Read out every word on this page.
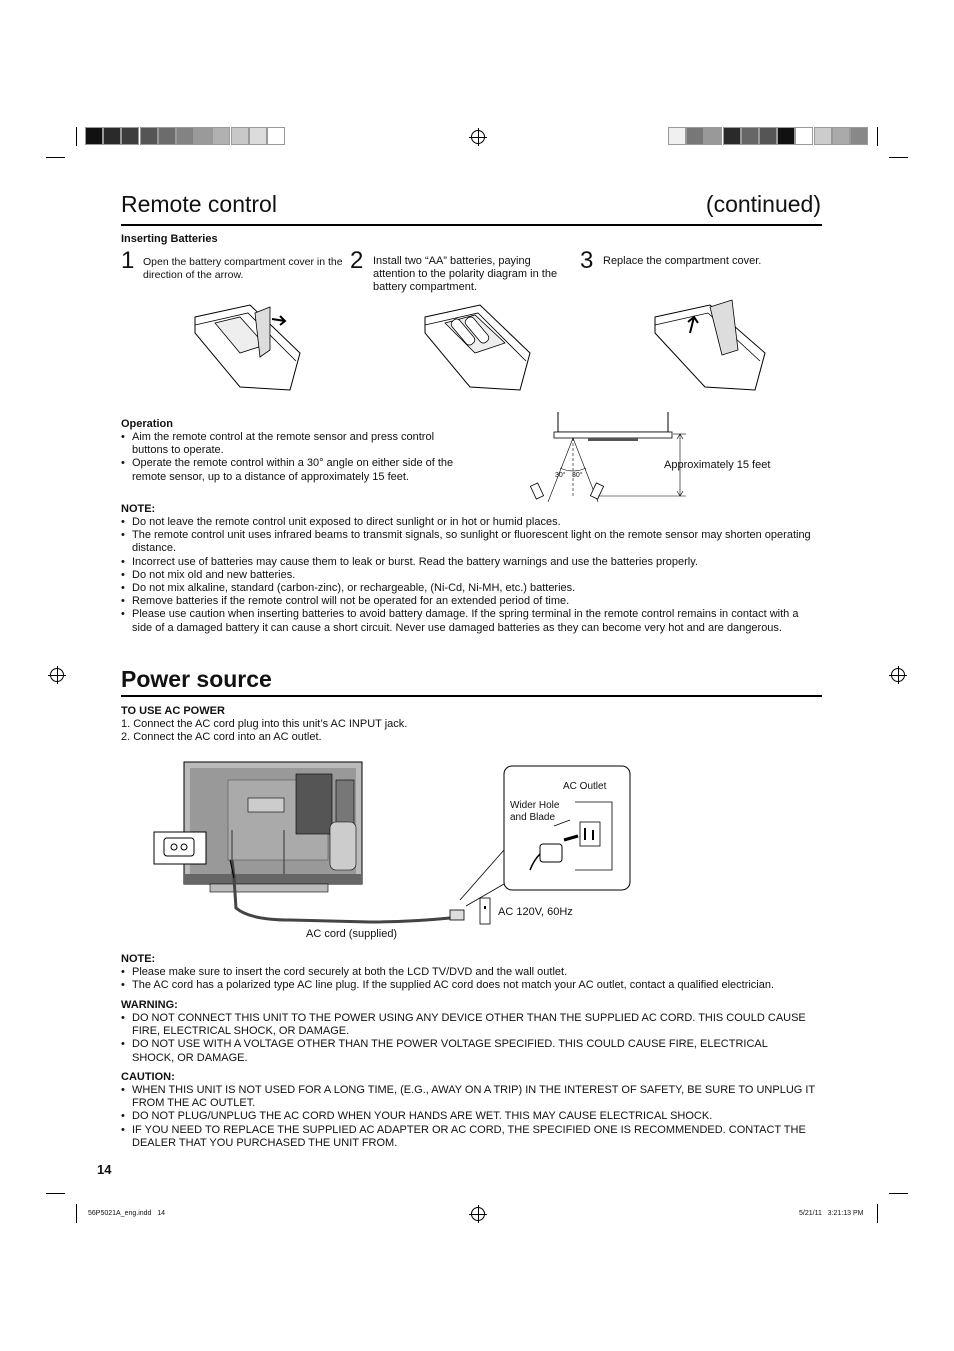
Remote control	(continued)
Inserting Batteries
1 Open the battery compartment cover in the direction of the arrow.
2 Install two “AA” batteries, paying attention to the polarity diagram in the battery compartment.
3 Replace the compartment cover.
Operation
• Aim the remote control at the remote sensor and press control buttons to operate.
• Operate the remote control within a 30° angle on either side of the remote sensor, up to a distance of approximately 15 feet.	30° 30°
Approximately 15 feet
NOTE:
• Do not leave the remote control unit exposed to direct sunlight or in hot or humid places.
• The remote control unit uses infrared beams to transmit signals, so sunlight or fluorescent light on the remote sensor may shorten operating distance.
• Incorrect use of batteries may cause them to leak or burst. Read the battery warnings and use the batteries properly.
• Do not mix old and new batteries.
• Do not mix alkaline, standard (carbon-zinc), or rechargeable, (Ni-Cd, Ni-MH, etc.) batteries.
• Remove batteries if the remote control will not be operated for an extended period of time.
• Please use caution when inserting batteries to avoid battery damage. If the spring terminal in the remote control remains in contact with a side of a damaged battery it can cause a short circuit. Never use damaged batteries as they can become very hot and are dangerous.
Power source
TO USE AC POWER
1. Connect the AC cord plug into this unit’s AC INPUT jack.
2. Connect the AC cord into an AC outlet.
AC Outlet
Wider Hole and Blade
AC 120V, 60Hz
AC cord (supplied)
NOTE:
• Please make sure to insert the cord securely at both the LCD TV/DVD and the wall outlet.
• The AC cord has a polarized type AC line plug. If the supplied AC cord does not match your AC outlet, contact a qualified electrician.
WARNING:
• DO NOT CONNECT THIS UNIT TO THE POWER USING ANY DEVICE OTHER THAN THE SUPPLIED AC CORD. THIS COULD CAUSE FIRE, ELECTRICAL SHOCK, OR DAMAGE.
• DO NOT USE WITH A VOLTAGE OTHER THAN THE POWER VOLTAGE SPECIFIED. THIS COULD CAUSE FIRE, ELECTRICAL SHOCK, OR DAMAGE.
CAUTION:
• WHEN THIS UNIT IS NOT USED FOR A LONG TIME, (E.G., AWAY ON A TRIP) IN THE INTEREST OF SAFETY, BE SURE TO UNPLUG IT FROM THE AC OUTLET.
• DO NOT PLUG/UNPLUG THE AC CORD WHEN YOUR HANDS ARE WET. THIS MAY CAUSE ELECTRICAL SHOCK.
• IF YOU NEED TO REPLACE THE SUPPLIED AC ADAPTER OR AC CORD, THE SPECIFIED ONE IS RECOMMENDED. CONTACT THE DEALER THAT YOU PURCHASED THE UNIT FROM.
14
56P5021A_eng.indd   14	5/21/11   3:21:13 PM
